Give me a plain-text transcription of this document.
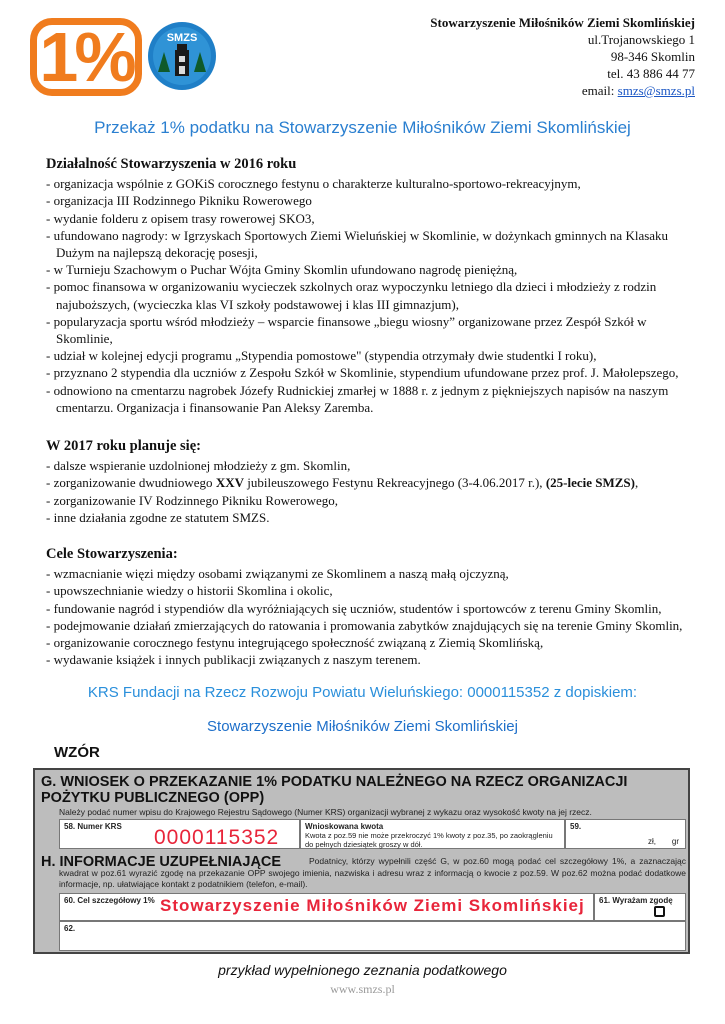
1%	SMZS
Stowarzyszenie Miłośników Ziemi Skomlińskiej
ul.Trojanowskiego 1
98-346 Skomlin
tel. 43 886 44 77
email: smzs@smzs.pl
Przekaż 1% podatku na Stowarzyszenie Miłośników Ziemi Skomlińskiej
Działalność Stowarzyszenia w 2016 roku
- organizacja wspólnie z GOKiS corocznego festynu o charakterze kulturalno-sportowo-rekreacyjnym,
- organizacja III Rodzinnego Pikniku Rowerowego
- wydanie folderu z opisem trasy rowerowej SKO3,
- ufundowano nagrody: w Igrzyskach Sportowych Ziemi Wieluńskiej w Skomlinie, w dożynkach gminnych na Klasaku Dużym na najlepszą dekorację posesji,
- w Turnieju Szachowym o Puchar Wójta Gminy Skomlin ufundowano nagrodę pieniężną,
- pomoc finansowa w organizowaniu wycieczek szkolnych oraz wypoczynku letniego dla dzieci i młodzieży z rodzin najuboższych, (wycieczka klas VI szkoły podstawowej i klas III gimnazjum),
- popularyzacja sportu wśród młodzieży – wsparcie finansowe „biegu wiosny” organizowane przez Zespół Szkół w Skomlinie,
- udział w kolejnej edycji programu „Stypendia pomostowe" (stypendia otrzymały dwie studentki I roku),
- przyznano 2 stypendia dla uczniów z Zespołu Szkół w Skomlinie, stypendium ufundowane przez prof. J. Małolepszego,
- odnowiono na cmentarzu nagrobek Józefy Rudnickiej zmarłej w 1888 r. z jednym z piękniejszych napisów na naszym cmentarzu. Organizacja i finansowanie Pan Aleksy Zaremba.
W 2017 roku planuje się:
- dalsze wspieranie uzdolnionej młodzieży z gm. Skomlin,
- zorganizowanie dwudniowego XXV jubileuszowego Festynu Rekreacyjnego (3-4.06.2017 r.), (25-lecie SMZS),
- zorganizowanie IV Rodzinnego Pikniku Rowerowego,
- inne działania zgodne ze statutem SMZS.
Cele Stowarzyszenia:
- wzmacnianie więzi między osobami związanymi ze Skomlinem a naszą małą ojczyzną,
- upowszechnianie wiedzy o historii Skomlina i okolic,
- fundowanie nagród i stypendiów dla wyróżniających się uczniów, studentów i sportowców z terenu Gminy Skomlin,
- podejmowanie działań zmierzających do ratowania i promowania zabytków znajdujących się na terenie Gminy Skomlin,
- organizowanie corocznego festynu integrującego społeczność związaną z Ziemią Skomlińską,
- wydawanie książek i innych publikacji związanych z naszym terenem.
KRS Fundacji na Rzecz Rozwoju Powiatu Wieluńskiego: 0000115352 z dopiskiem:
Stowarzyszenie Miłośników Ziemi Skomlińskiej
WZÓR
G. WNIOSEK O PRZEKAZANIE 1% PODATKU NALEŻNEGO NA RZECZ ORGANIZACJI POŻYTKU PUBLICZNEGO (OPP)
Należy podać numer wpisu do Krajowego Rejestru Sądowego (Numer KRS) organizacji wybranej z wykazu oraz wysokość kwoty na jej rzecz.
58. Numer KRS	0000115352	Wnioskowana kwota
Kwota z poz.59 nie może przekroczyć 1% kwoty z poz.35, po zaokrągleniu do pełnych dziesiątek groszy w dół.
59.
zł, gr
H. INFORMACJE UZUPEŁNIAJĄCE	Podatnicy, którzy wypełnili część G, w poz.60 mogą podać cel szczegółowy 1%, a zaznaczając kwadrat w poz.61 wyrazić zgodę na przekazanie OPP swojego imienia, nazwiska i adresu wraz z informacją o kwocie z poz.59. W poz.62 można podać dodatkowe informacje, np. ułatwiające kontakt z podatnikiem (telefon, e-mail).
60. Cel szczegółowy 1% Stowarzyszenie Miłośników Ziemi Skomlińskiej 61. Wyrażam zgodę
62.
przykład wypełnionego zeznania podatkowego
www.smzs.pl
